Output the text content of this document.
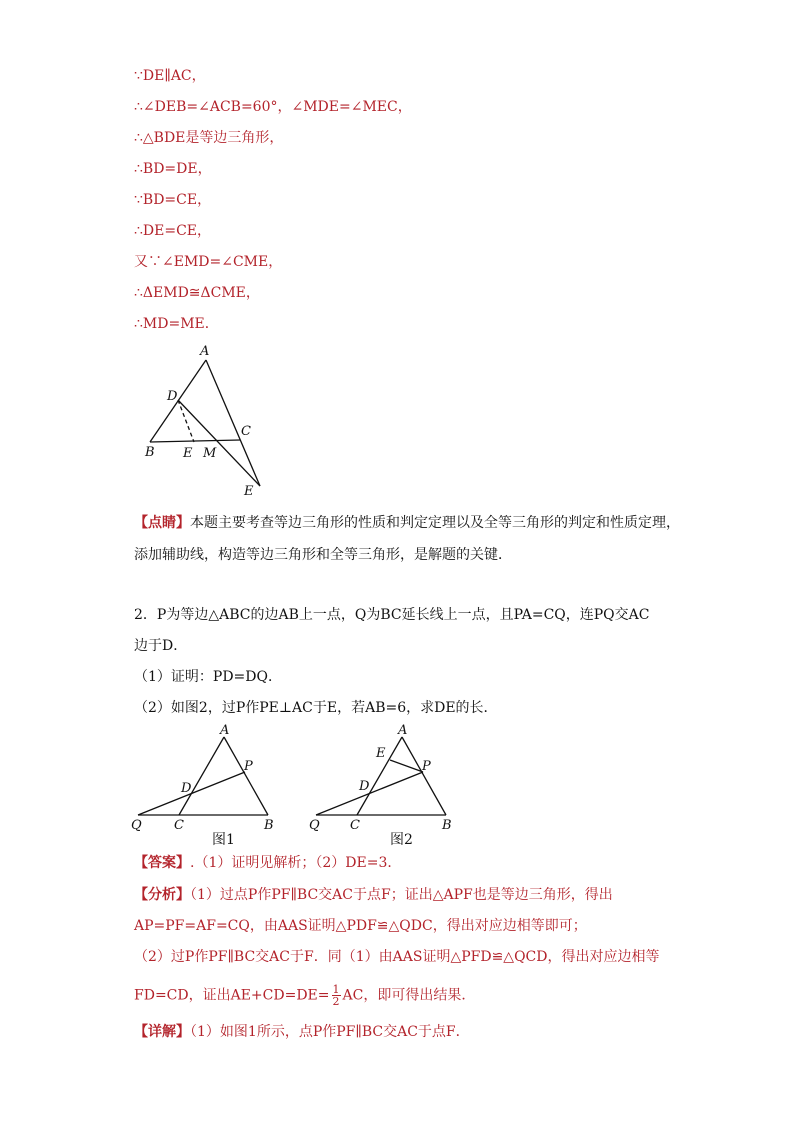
∵DE∥AC，
∴∠DEB=∠ACB=60°，∠MDE=∠MEC，
∴△BDE是等边三角形，
∴BD=DE，
∵BD=CE，
∴DE=CE，
又∵∠EMD=∠CME，
∴ΔEMD≅ΔCME，
∴MD=ME．
A
D
C
B E M
E
【点睛】本题主要考查等边三角形的性质和判定定理以及全等三角形的判定和性质定理，
添加辅助线，构造等边三角形和全等三角形，是解题的关键．
2．P为等边△ABC的边AB上一点，Q为BC延长线上一点，且PA=CQ，连PQ交AC
边于D．
（1）证明：PD=DQ．
（2）如图2，过P作PE⊥AC于E，若AB=6，求DE的长．
A
P
D
Q C	B
图1
A
E
P
D
Q C	B
图2
【答案】.（1）证明见解析；（2）DE=3．
【分析】（1）过点P作PF∥BC交AC于点F；证出△APF也是等边三角形，得出
AP=PF=AF=CQ，由AAS证明△PDF≌△QDC，得出对应边相等即可；
（2）过P作PF∥BC交AC于F．同（1）由AAS证明△PFD≌△QCD，得出对应边相等
FD=CD，证出$AE+CD=DE= \frac{1}{2}$ AC，即可得出结果．
【详解】（1）如图1所示，点P作PF∥BC交AC于点F．
